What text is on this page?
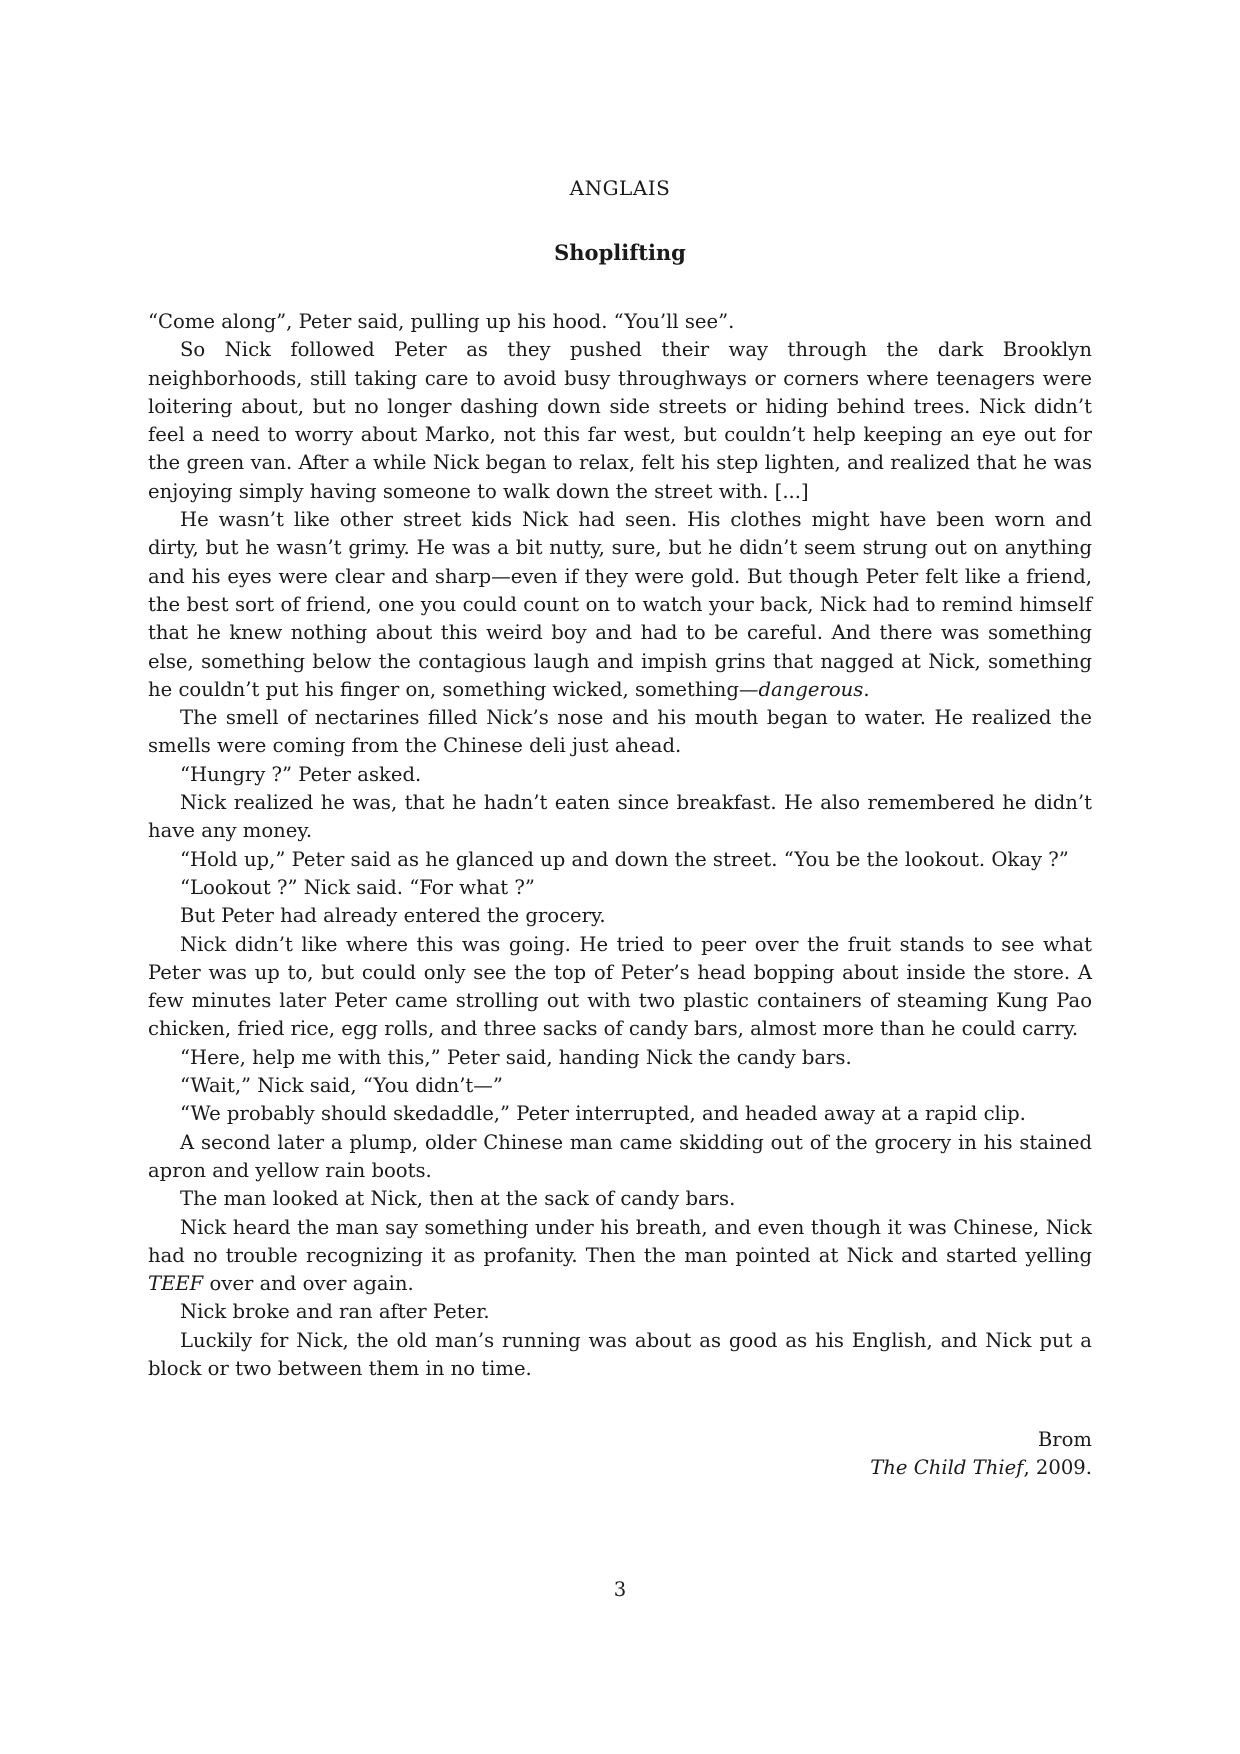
ANGLAIS
Shoplifting

“Come along”, Peter said, pulling up his hood. “You’ll see”.

So Nick followed Peter as they pushed their way through the dark Brooklyn neighborhoods, still taking care to avoid busy throughways or corners where teenagers were loitering about, but no longer dashing down side streets or hiding behind trees. Nick didn’t feel a need to worry about Marko, not this far west, but couldn’t help keeping an eye out for the green van. After a while Nick began to relax, felt his step lighten, and realized that he was enjoying simply having someone to walk down the street with. [...]

He wasn’t like other street kids Nick had seen. His clothes might have been worn and dirty, but he wasn’t grimy. He was a bit nutty, sure, but he didn’t seem strung out on anything and his eyes were clear and sharp—even if they were gold. But though Peter felt like a friend, the best sort of friend, one you could count on to watch your back, Nick had to remind himself that he knew nothing about this weird boy and had to be careful. And there was something else, something below the contagious laugh and impish grins that nagged at Nick, something he couldn’t put his finger on, something wicked, something—dangerous.

The smell of nectarines filled Nick’s nose and his mouth began to water. He realized the smells were coming from the Chinese deli just ahead.

“Hungry ?” Peter asked.

Nick realized he was, that he hadn’t eaten since breakfast. He also remembered he didn’t have any money.

“Hold up,” Peter said as he glanced up and down the street. “You be the lookout. Okay ?”

“Lookout ?” Nick said. “For what ?”

But Peter had already entered the grocery.

Nick didn’t like where this was going. He tried to peer over the fruit stands to see what Peter was up to, but could only see the top of Peter’s head bopping about inside the store. A few minutes later Peter came strolling out with two plastic containers of steaming Kung Pao chicken, fried rice, egg rolls, and three sacks of candy bars, almost more than he could carry.

“Here, help me with this,” Peter said, handing Nick the candy bars.

“Wait,” Nick said, “You didn’t—”

“We probably should skedaddle,” Peter interrupted, and headed away at a rapid clip.

A second later a plump, older Chinese man came skidding out of the grocery in his stained apron and yellow rain boots.

The man looked at Nick, then at the sack of candy bars.

Nick heard the man say something under his breath, and even though it was Chinese, Nick had no trouble recognizing it as profanity. Then the man pointed at Nick and started yelling TEEF over and over again.

Nick broke and ran after Peter.

Luckily for Nick, the old man’s running was about as good as his English, and Nick put a block or two between them in no time.

Brom
The Child Thief, 2009.

3
